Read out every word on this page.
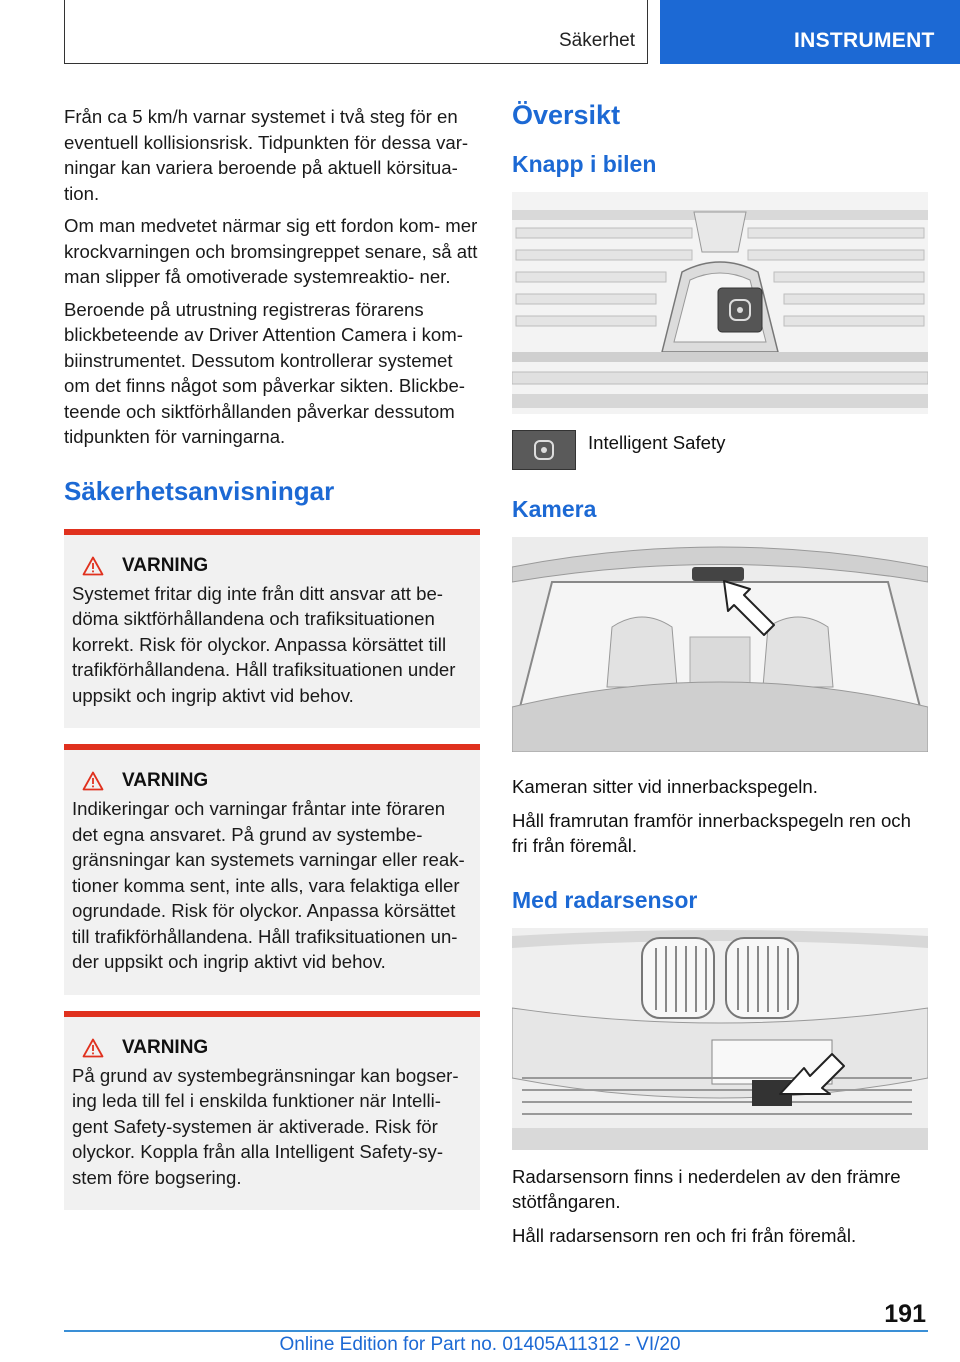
Säkerhet	INSTRUMENT

Från ca 5 km/h varnar systemet i två steg för en eventuell kollisionsrisk. Tidpunkten för dessa var- ningar kan variera beroende på aktuell körsitua- tion.

Om man medvetet närmar sig ett fordon kom- mer krockvarningen och bromsingreppet senare, så att man slipper få omotiverade systemreaktio- ner.

Beroende på utrustning registreras förarens blickbeteende av Driver Attention Camera i kom- biinstrumentet. Dessutom kontrollerar systemet om det finns något som påverkar sikten. Blickbe- teende och siktförhållanden påverkar dessutom tidpunkten för varningarna.

Säkerhetsanvisningar
VARNING

Systemet fritar dig inte från ditt ansvar att be- döma siktförhållandena och trafiksituationen korrekt. Risk för olyckor. Anpassa körsättet till trafikförhållandena. Håll trafiksituationen under uppsikt och ingrip aktivt vid behov.

VARNING

Indikeringar och varningar fråntar inte föraren det egna ansvaret. På grund av systembe- gränsningar kan systemets varningar eller reak- tioner komma sent, inte alls, vara felaktiga eller ogrundade. Risk för olyckor. Anpassa körsättet till trafikförhållandena. Håll trafiksituationen un- der uppsikt och ingrip aktivt vid behov.

VARNING

På grund av systembegränsningar kan bogser- ing leda till fel i enskilda funktioner när Intelli- gent Safety-systemen är aktiverade. Risk för olyckor. Koppla från alla Intelligent Safety-sy- stem före bogsering.

Översikt
Knapp i bilen
Intelligent Safety
Kamera

Kameran sitter vid innerbackspegeln.

Håll framrutan framför innerbackspegeln ren och fri från föremål.

Med radarsensor

Radarsensorn finns i nederdelen av den främre stötfångaren.

Håll radarsensorn ren och fri från föremål.

191
Online Edition for Part no. 01405A11312 - VI/20
